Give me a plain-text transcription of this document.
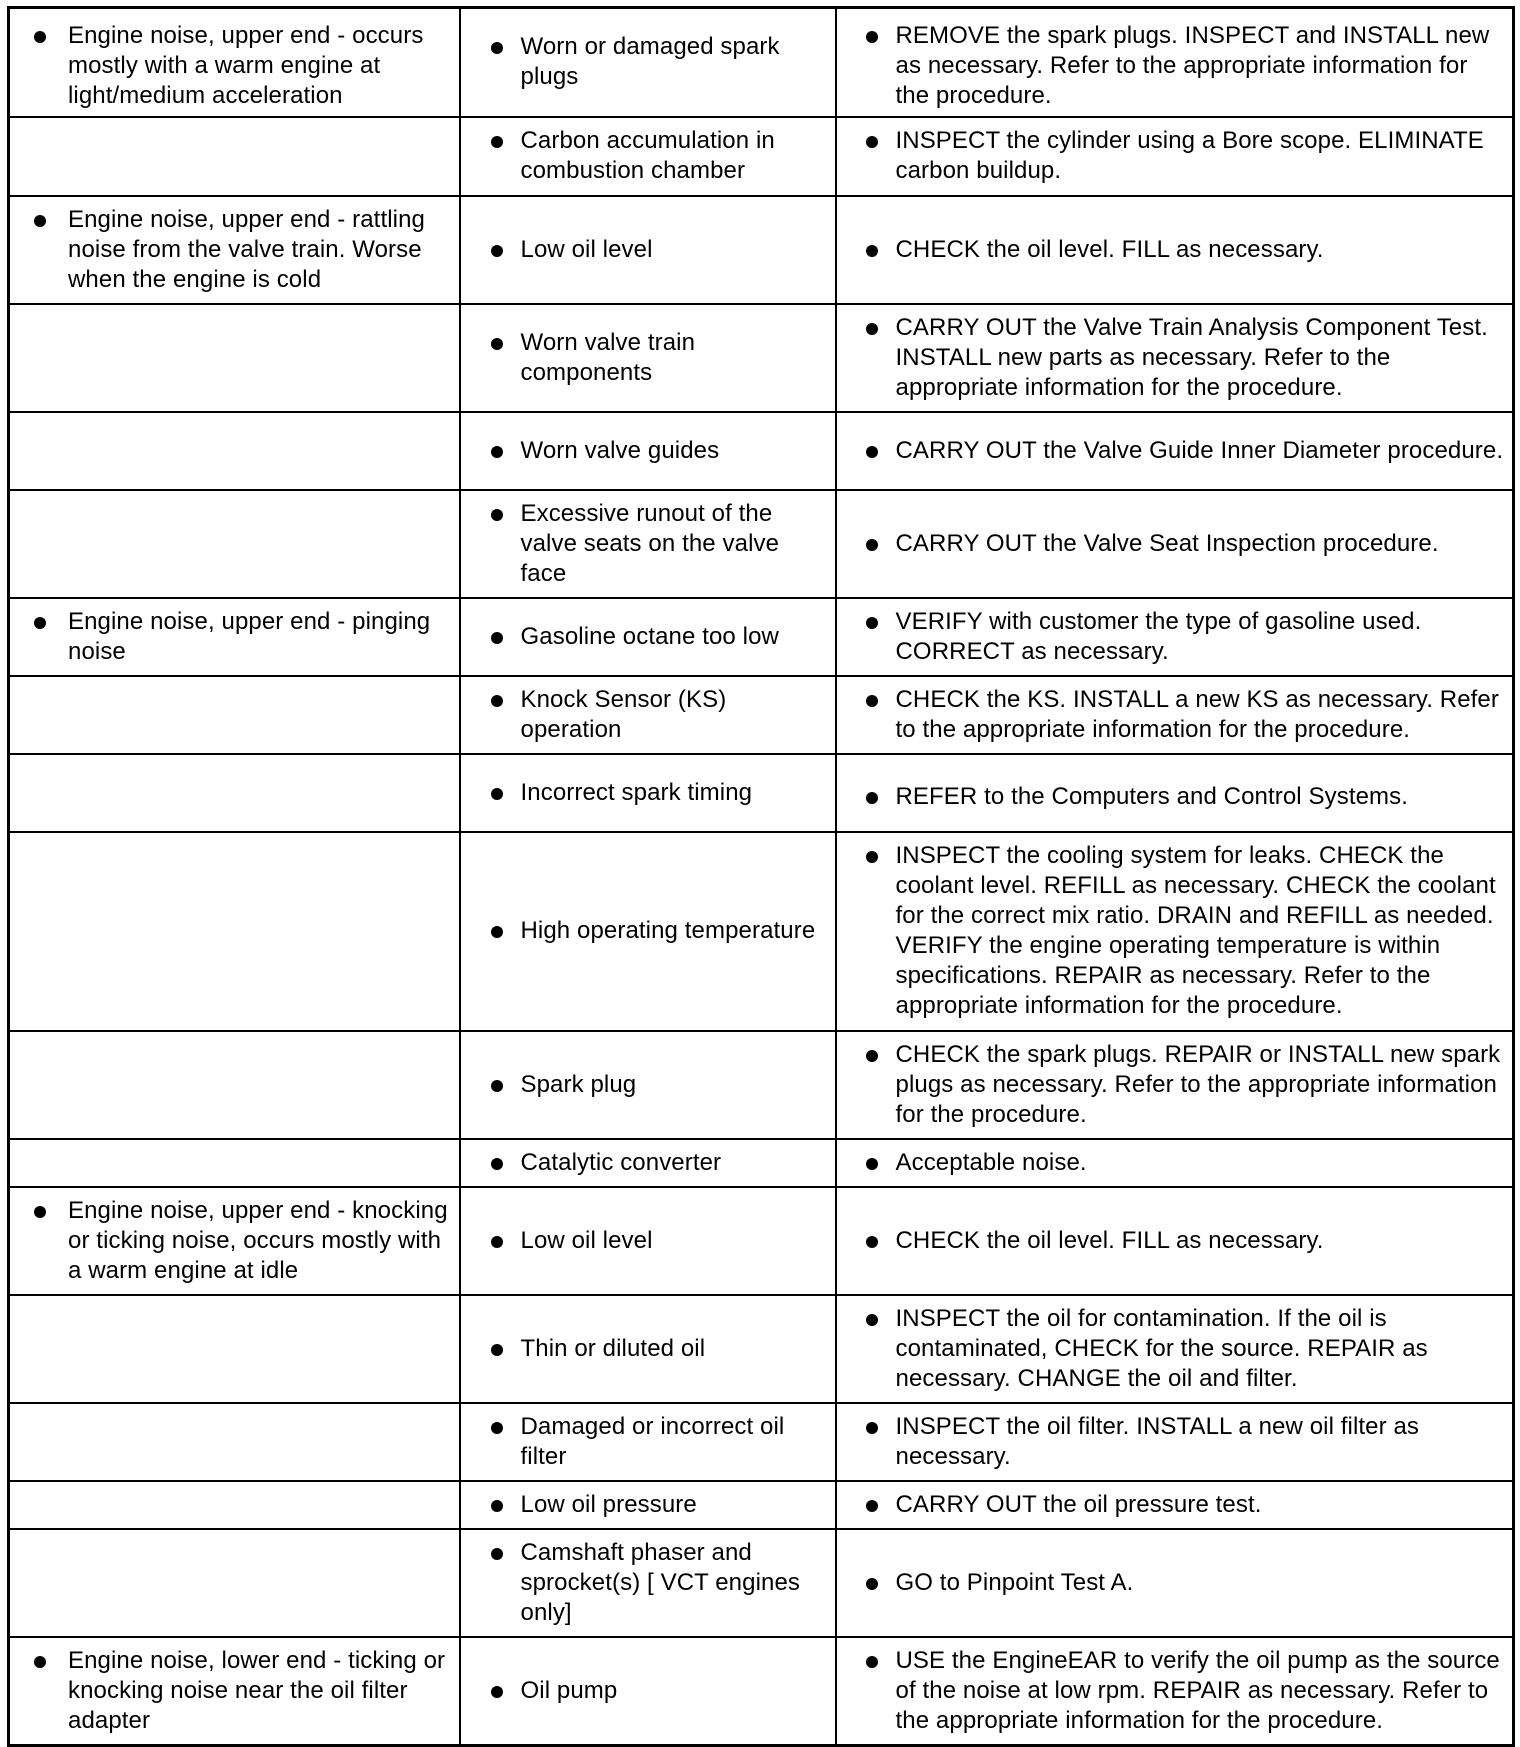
Engine noise, upper end - occurs mostly with a warm engine at light/medium acceleration	Worn or damaged spark plugs	REMOVE the spark plugs. INSPECT and INSTALL new as necessary. Refer to the appropriate information for the procedure.

	Carbon accumulation in combustion chamber	INSPECT the cylinder using a Bore scope. ELIMINATE carbon buildup.

Engine noise, upper end - rattling noise from the valve train. Worse when the engine is cold	Low oil level	CHECK the oil level. FILL as necessary.

	Worn valve train components	CARRY OUT the Valve Train Analysis Component Test. INSTALL new parts as necessary. Refer to the appropriate information for the procedure.

	Worn valve guides	CARRY OUT the Valve Guide Inner Diameter procedure.

	Excessive runout of the valve seats on the valve face	CARRY OUT the Valve Seat Inspection procedure.

Engine noise, upper end - pinging noise	Gasoline octane too low	VERIFY with customer the type of gasoline used. CORRECT as necessary.

	Knock Sensor (KS) operation	CHECK the KS. INSTALL a new KS as necessary. Refer to the appropriate information for the procedure.

	Incorrect spark timing	REFER to the Computers and Control Systems.

	High operating temperature	INSPECT the cooling system for leaks. CHECK the coolant level. REFILL as necessary. CHECK the coolant for the correct mix ratio. DRAIN and REFILL as needed. VERIFY the engine operating temperature is within specifications. REPAIR as necessary. Refer to the appropriate information for the procedure.

	Spark plug	CHECK the spark plugs. REPAIR or INSTALL new spark plugs as necessary. Refer to the appropriate information for the procedure.

	Catalytic converter	Acceptable noise.

Engine noise, upper end - knocking or ticking noise, occurs mostly with a warm engine at idle	Low oil level	CHECK the oil level. FILL as necessary.

	Thin or diluted oil	INSPECT the oil for contamination. If the oil is contaminated, CHECK for the source. REPAIR as necessary. CHANGE the oil and filter.

	Damaged or incorrect oil filter	INSPECT the oil filter. INSTALL a new oil filter as necessary.

	Low oil pressure	CARRY OUT the oil pressure test.

	Camshaft phaser and sprocket(s) [ VCT engines only]	GO to Pinpoint Test A.

Engine noise, lower end - ticking or knocking noise near the oil filter adapter	Oil pump	USE the EngineEAR to verify the oil pump as the source of the noise at low rpm. REPAIR as necessary. Refer to the appropriate information for the procedure.
